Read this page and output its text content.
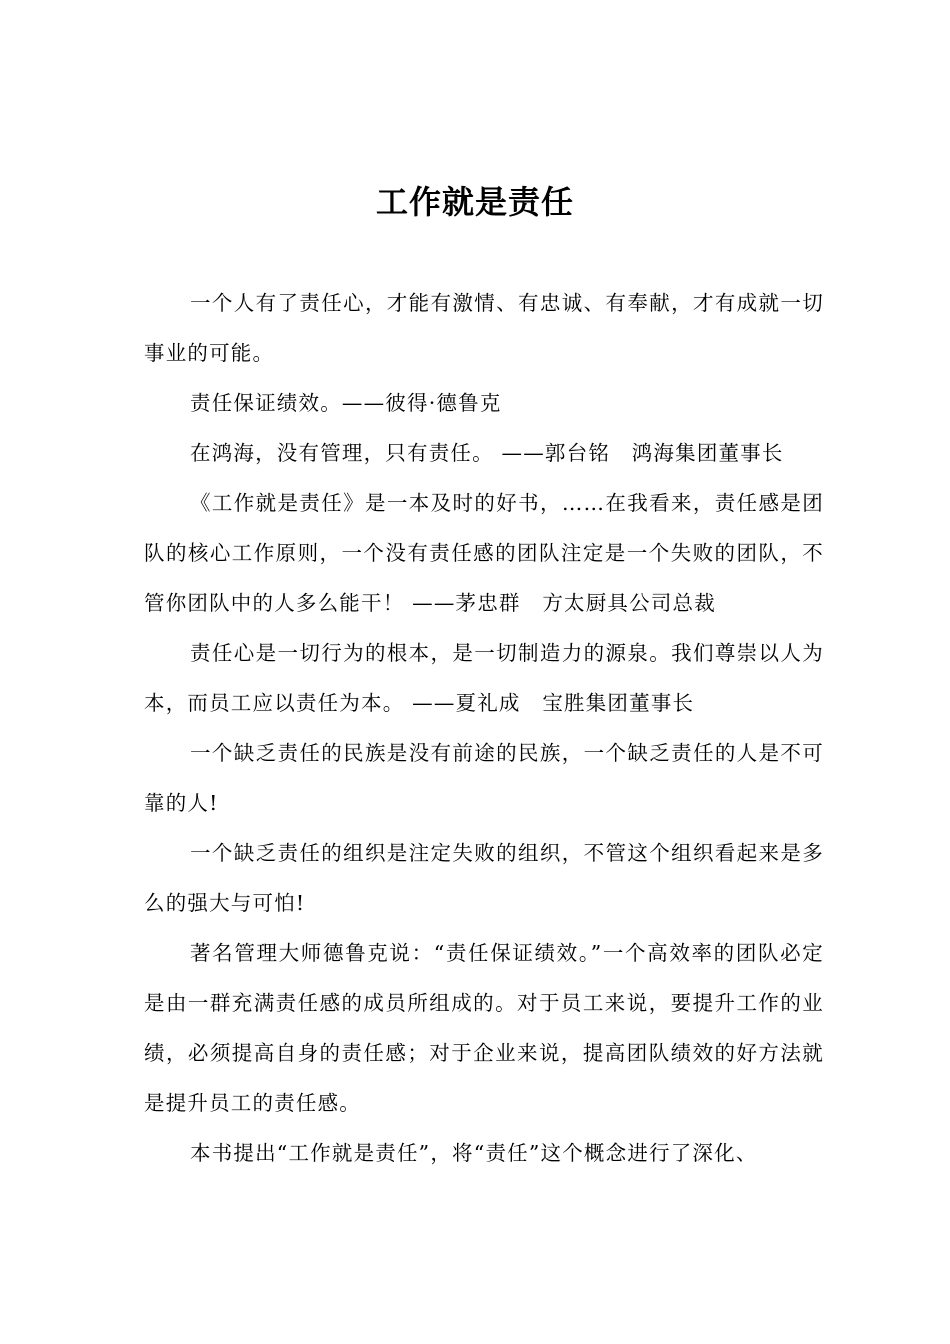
工作就是责任

一个人有了责任心，才能有激情、有忠诚、有奉献，才有成就一切事业的可能。

责任保证绩效。——彼得·德鲁克

在鸿海，没有管理，只有责任。 ——郭台铭　鸿海集团董事长

《工作就是责任》是一本及时的好书，……在我看来，责任感是团队的核心工作原则，一个没有责任感的团队注定是一个失败的团队，不管你团队中的人多么能干！ ——茅忠群　方太厨具公司总裁

责任心是一切行为的根本，是一切制造力的源泉。我们尊崇以人为本，而员工应以责任为本。 ——夏礼成　宝胜集团董事长

一个缺乏责任的民族是没有前途的民族，一个缺乏责任的人是不可靠的人!

一个缺乏责任的组织是注定失败的组织，不管这个组织看起来是多么的强大与可怕!

著名管理大师德鲁克说：“责任保证绩效。”一个高效率的团队必定是由一群充满责任感的成员所组成的。对于员工来说，要提升工作的业绩，必须提高自身的责任感；对于企业来说，提高团队绩效的好方法就是提升员工的责任感。

本书提出“工作就是责任”，将“责任”这个概念进行了深化、
